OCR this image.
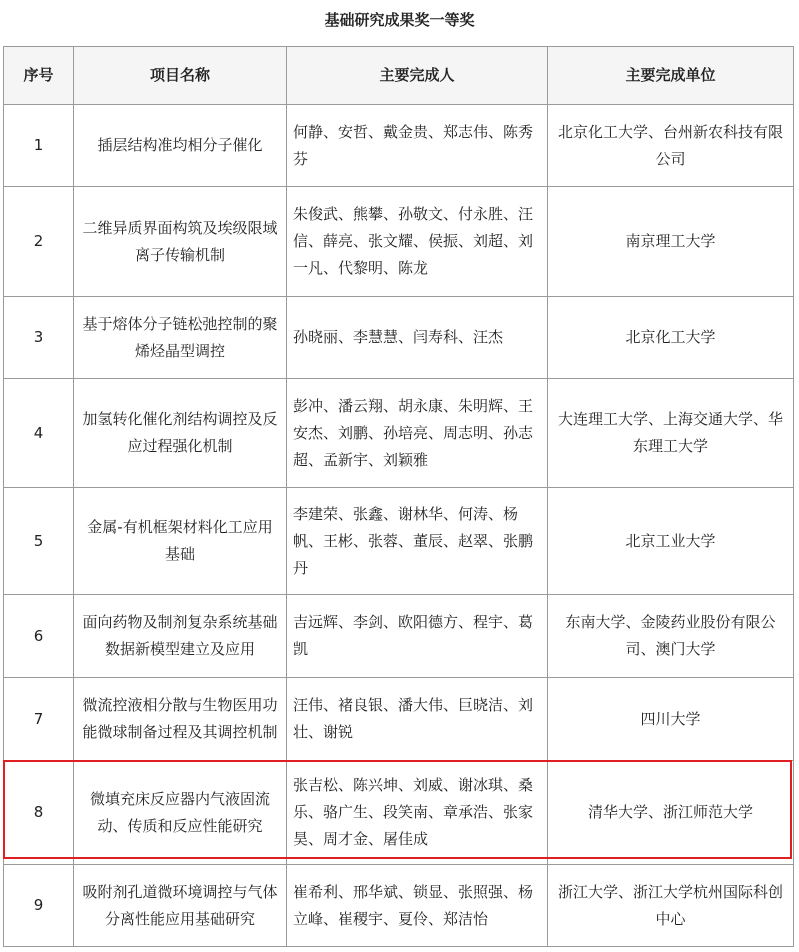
基础研究成果奖一等奖
序号	项目名称	主要完成人	主要完成单位
1	插层结构准均相分子催化	何静、安哲、戴金贵、郑志伟、陈秀芬	北京化工大学、台州新农科技有限公司
2	二维异质界面构筑及埃级限域离子传输机制	朱俊武、熊攀、孙敬文、付永胜、汪信、薛亮、张文耀、侯振、刘超、刘一凡、代黎明、陈龙	南京理工大学
3	基于熔体分子链松弛控制的聚烯烃晶型调控	孙晓丽、李慧慧、闫寿科、汪杰	北京化工大学
4	加氢转化催化剂结构调控及反应过程强化机制	彭冲、潘云翔、胡永康、朱明辉、王安杰、刘鹏、孙培亮、周志明、孙志超、孟新宇、刘颖雅	大连理工大学、上海交通大学、华东理工大学
5	金属-有机框架材料化工应用基础	李建荣、张鑫、谢林华、何涛、杨帆、王彬、张蓉、董辰、赵翠、张鹏丹	北京工业大学
6	面向药物及制剂复杂系统基础数据新模型建立及应用	吉远辉、李剑、欧阳德方、程宇、葛凯	东南大学、金陵药业股份有限公司、澳门大学
7	微流控液相分散与生物医用功能微球制备过程及其调控机制	汪伟、褚良银、潘大伟、巨晓洁、刘壮、谢锐	四川大学
8	微填充床反应器内气液固流动、传质和反应性能研究	张吉松、陈兴坤、刘威、谢冰琪、桑乐、骆广生、段笑南、章承浩、张家昊、周才金、屠佳成	清华大学、浙江师范大学
9	吸附剂孔道微环境调控与气体分离性能应用基础研究	崔希利、邢华斌、锁显、张照强、杨立峰、崔稷宇、夏伶、郑洁怡	浙江大学、浙江大学杭州国际科创中心
